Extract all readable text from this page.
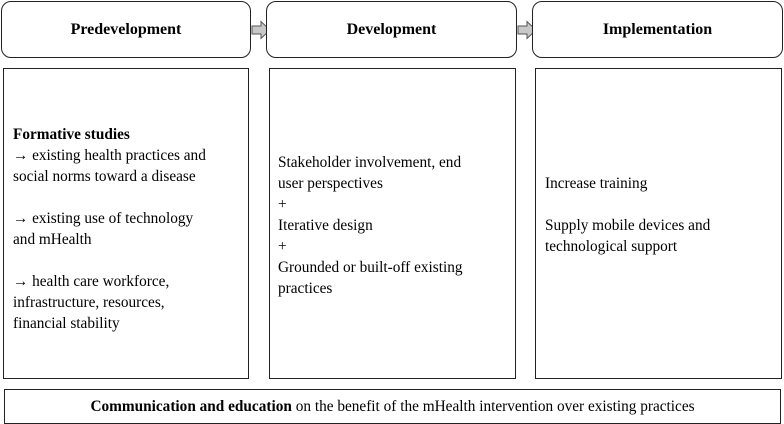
Predevelopment	Development	Implementation
Formative studies
→ existing health practices and
social norms toward a disease
→ existing use of technology
and mHealth
→ health care workforce,
infrastructure, resources,
financial stability
Stakeholder involvement, end
user perspectives
+
Iterative design
+
Grounded or built-off existing
practices
Increase training
Supply mobile devices and
technological support
Communication and education on the benefit of the mHealth intervention over existing practices
